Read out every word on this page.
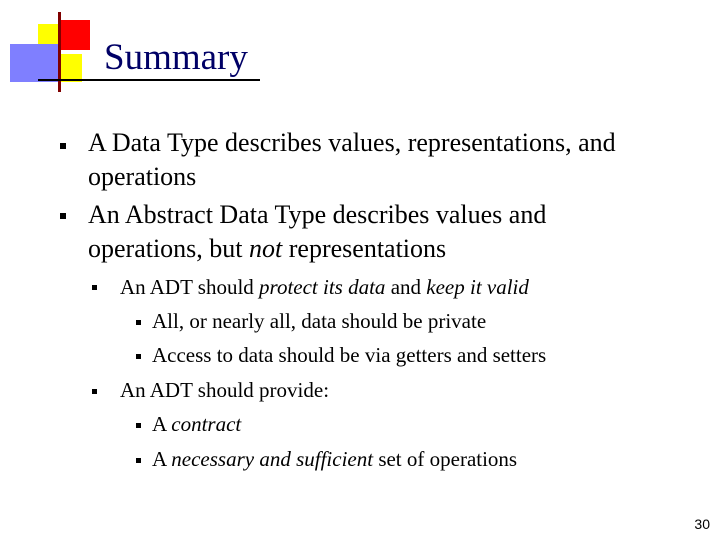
Summary
A Data Type describes values, representations, and
operations
An Abstract Data Type describes values and
operations, but not representations
An ADT should protect its data and keep it valid
All, or nearly all, data should be private
Access to data should be via getters and setters
An ADT should provide:
A contract
A necessary and sufficient set of operations
30
